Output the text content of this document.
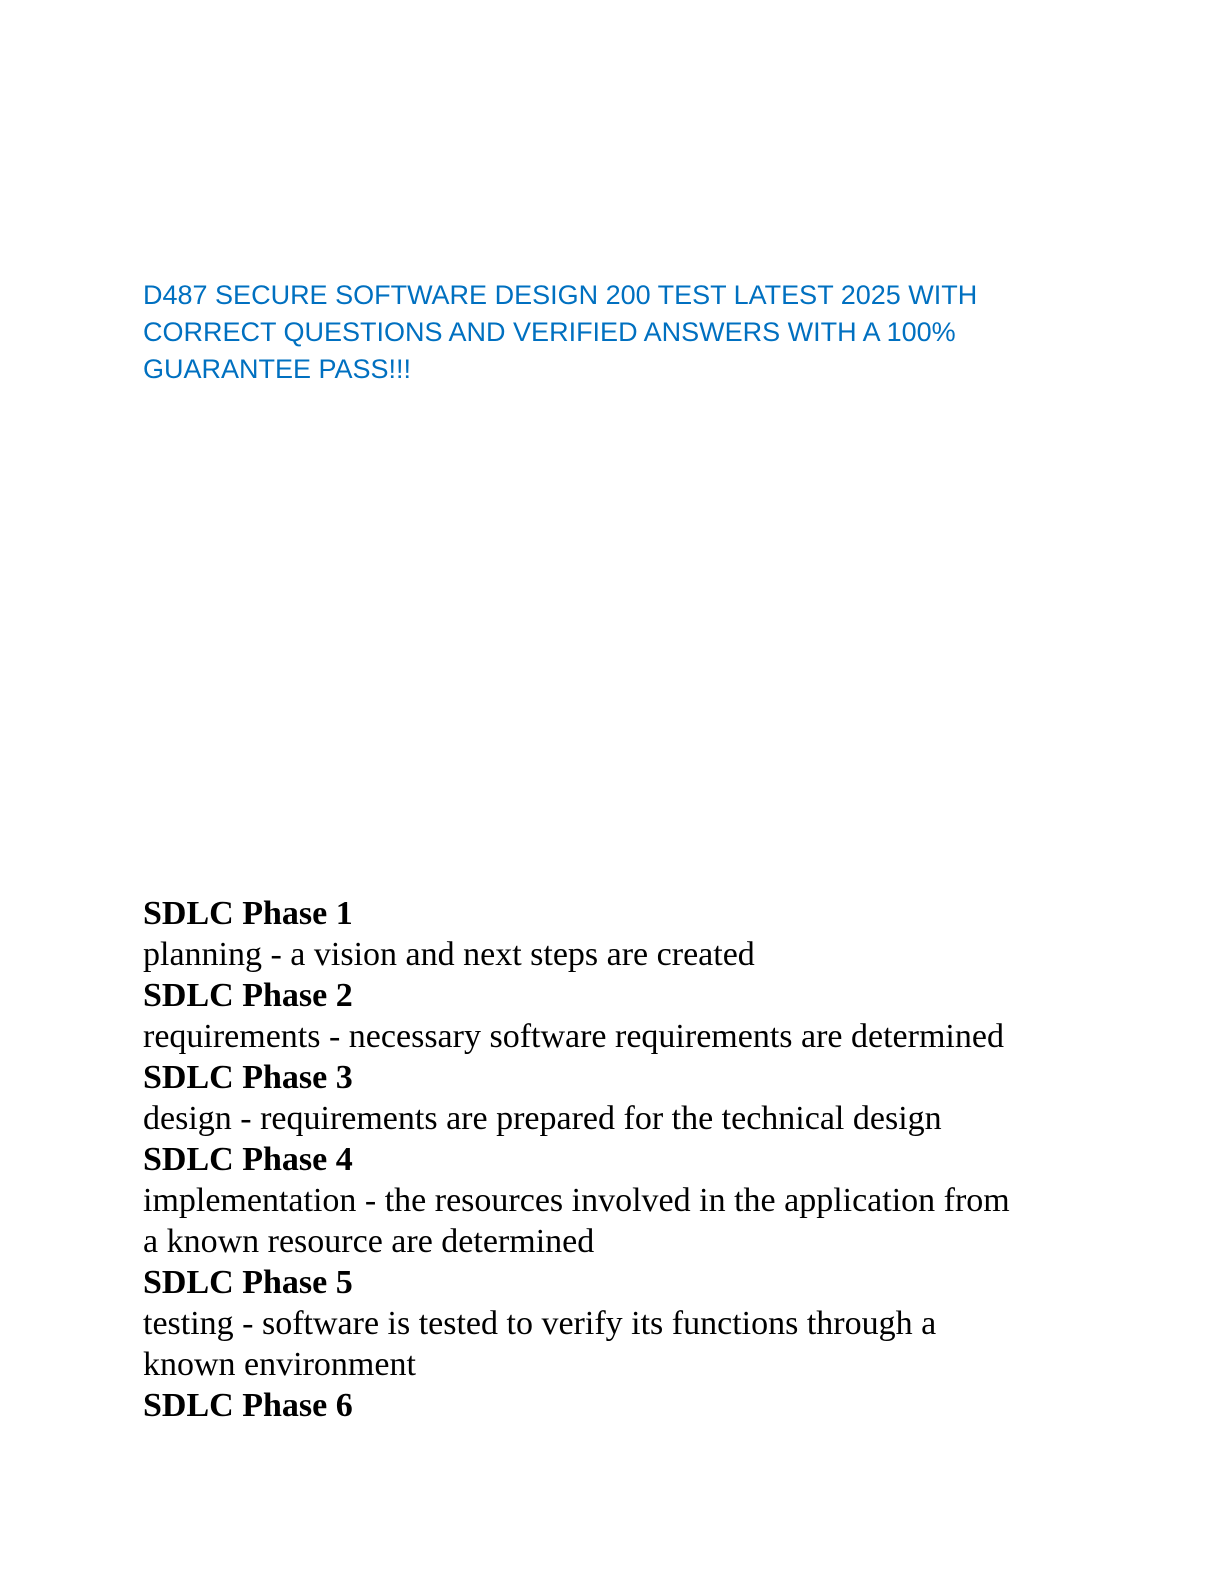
D487 SECURE SOFTWARE DESIGN 200 TEST LATEST 2025 WITH
CORRECT QUESTIONS AND VERIFIED ANSWERS WITH A 100%
GUARANTEE PASS!!!
SDLC Phase 1
planning - a vision and next steps are created
SDLC Phase 2
requirements - necessary software requirements are determined
SDLC Phase 3
design - requirements are prepared for the technical design
SDLC Phase 4
implementation - the resources involved in the application from
a known resource are determined
SDLC Phase 5
testing - software is tested to verify its functions through a
known environment
SDLC Phase 6
